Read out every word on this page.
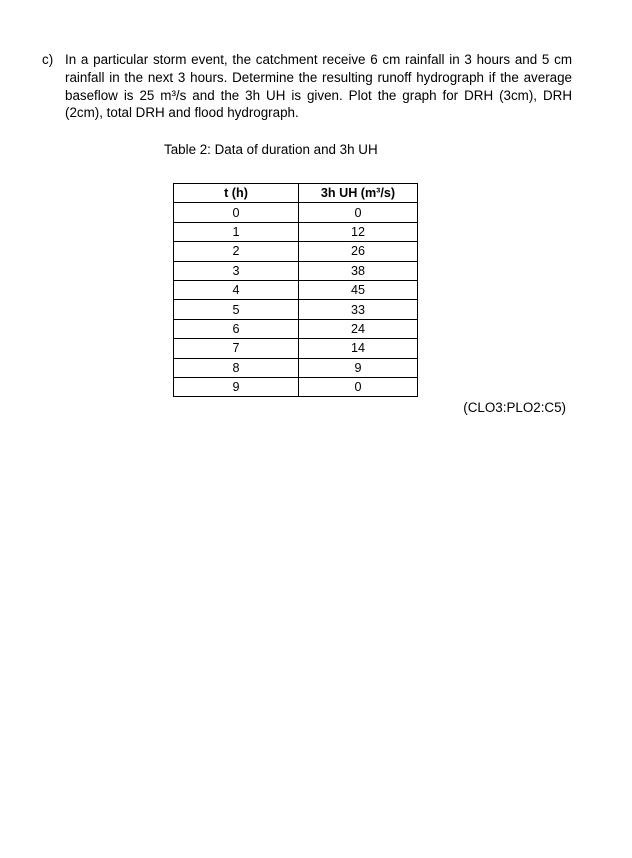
c) In a particular storm event, the catchment receive 6 cm rainfall in 3 hours and 5 cm rainfall in the next 3 hours. Determine the resulting runoff hydrograph if the average baseflow is 25 m³/s and the 3h UH is given. Plot the graph for DRH (3cm), DRH (2cm), total DRH and flood hydrograph.
Table 2: Data of duration and 3h UH
t (h)	3h UH (m³/s)
0	0
1	12
2	26
3	38
4	45
5	33
6	24
7	14
8	9
9	0
(CLO3:PLO2:C5)
